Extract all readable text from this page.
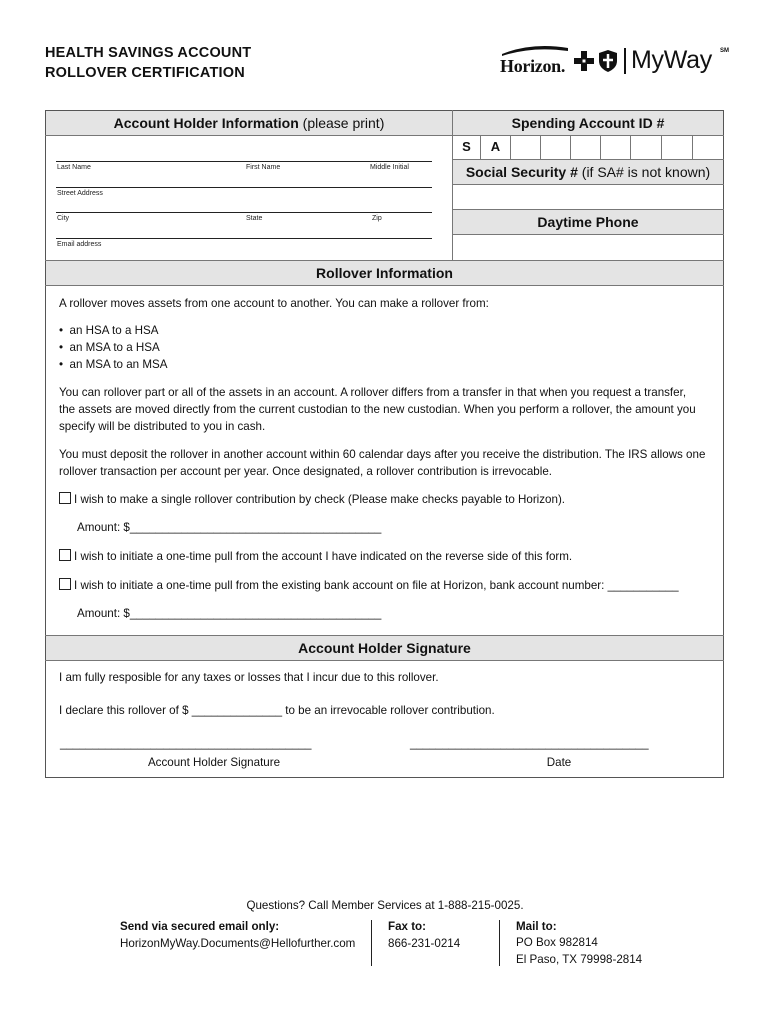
HEALTH SAVINGS ACCOUNT
ROLLOVER CERTIFICATION	Horizon.	MyWay SM
Account Holder Information (please print)	Spending Account ID #
S	A
Social Security # (if SA# is not known)
Daytime Phone
Last Name	First Name	Middle Initial
Street Address
City	State	Zip
Email address
Rollover Information
A rollover moves assets from one account to another. You can make a rollover from:
•  an HSA to a HSA
•  an MSA to a HSA
•  an MSA to an MSA
You can rollover part or all of the assets in an account. A rollover differs from a transfer in that when you request a transfer,
the assets are moved directly from the current custodian to the new custodian. When you perform a rollover, the amount you
specify will be distributed to you in cash.
You must deposit the rollover in another account within 60 calendar days after you receive the distribution. The IRS allows one
rollover transaction per account per year. Once designated, a rollover contribution is irrevocable.
I wish to make a single rollover contribution by check (Please make checks payable to Horizon).
Amount: $_______________________________________
I wish to initiate a one-time pull from the account I have indicated on the reverse side of this form.
I wish to initiate a one-time pull from the existing bank account on file at Horizon, bank account number: ___________
Amount: $_______________________________________
Account Holder Signature
I am fully resposible for any taxes or losses that I incur due to this rollover.
I declare this rollover of $ ______________ to be an irrevocable rollover contribution.
_______________________________________	_____________________________________
Account Holder Signature	Date
Questions? Call Member Services at 1-888-215-0025.
Send via secured email only:
HorizonMyWay.Documents@Hellofurther.com
Fax to:
866-231-0214
Mail to:
PO Box 982814
El Paso, TX 79998-2814
